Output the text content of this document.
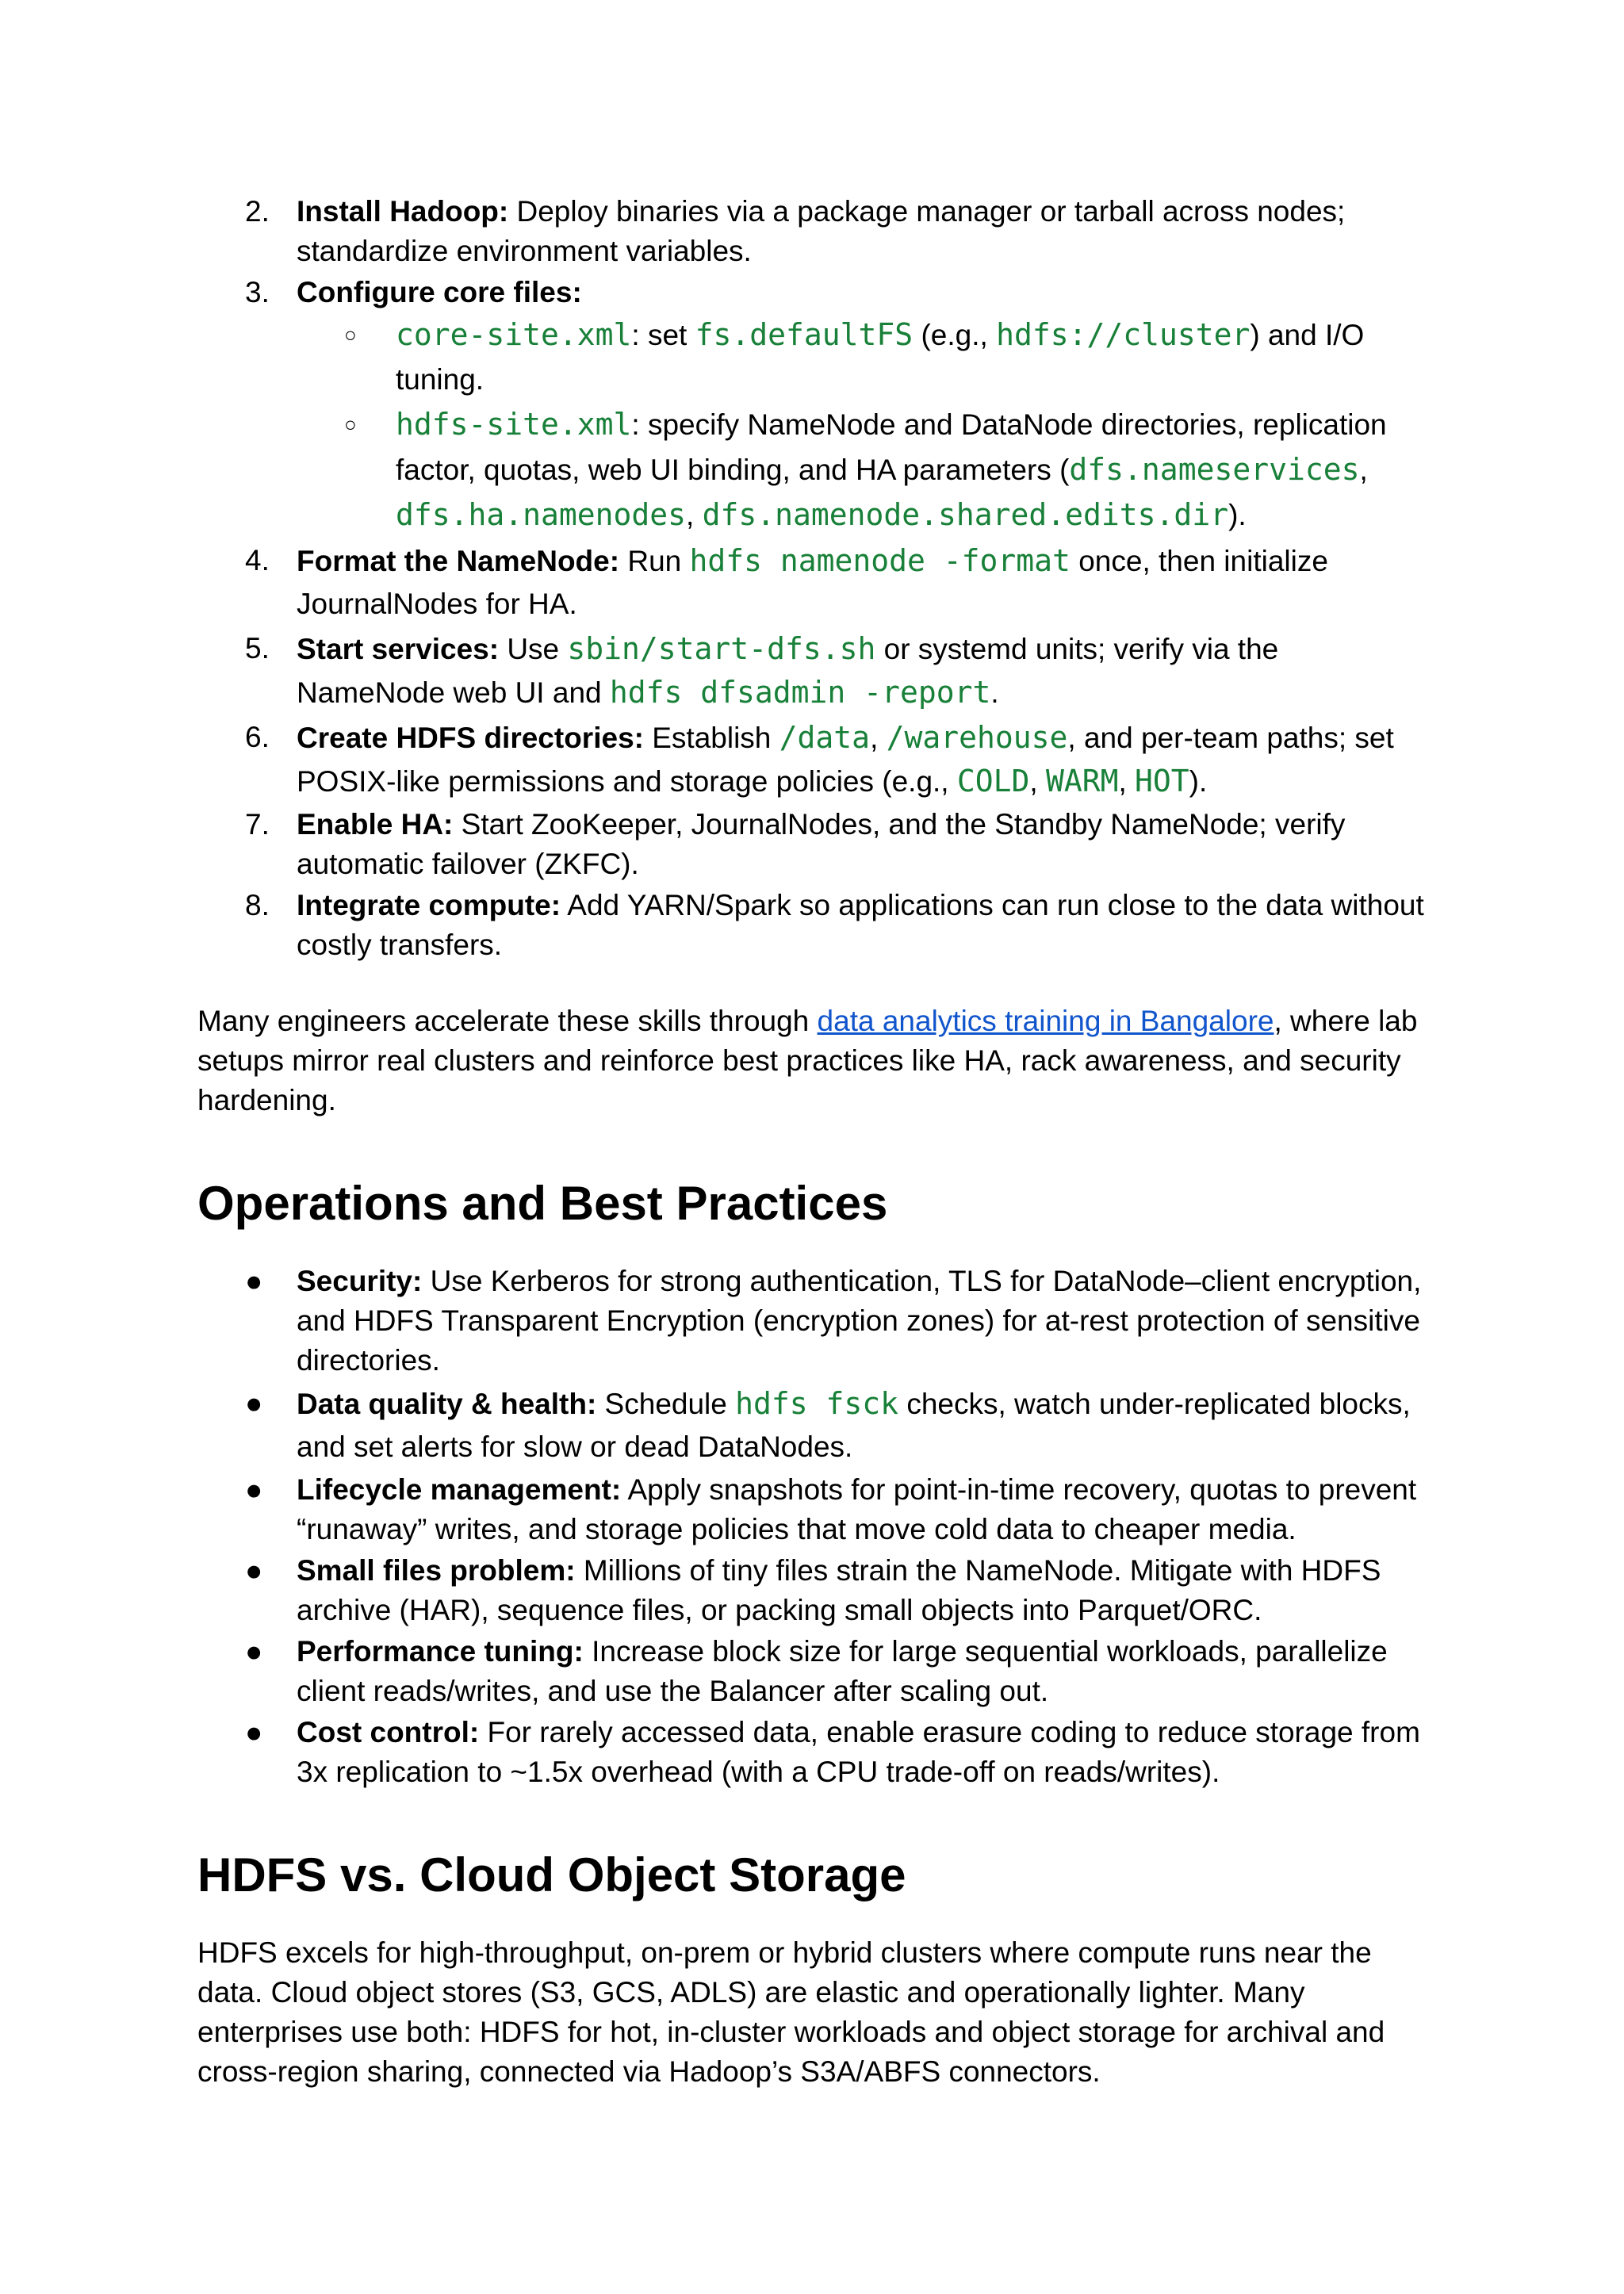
2. Install Hadoop: Deploy binaries via a package manager or tarball across nodes; standardize environment variables.
3. Configure core files:
○ core-site.xml: set fs.defaultFS (e.g., hdfs://cluster) and I/O tuning.
○ hdfs-site.xml: specify NameNode and DataNode directories, replication factor, quotas, web UI binding, and HA parameters (dfs.nameservices, dfs.ha.namenodes, dfs.namenode.shared.edits.dir).
4. Format the NameNode: Run hdfs namenode -format once, then initialize JournalNodes for HA.
5. Start services: Use sbin/start-dfs.sh or systemd units; verify via the NameNode web UI and hdfs dfsadmin -report.
6. Create HDFS directories: Establish /data, /warehouse, and per-team paths; set POSIX-like permissions and storage policies (e.g., COLD, WARM, HOT).
7. Enable HA: Start ZooKeeper, JournalNodes, and the Standby NameNode; verify automatic failover (ZKFC).
8. Integrate compute: Add YARN/Spark so applications can run close to the data without costly transfers.

Many engineers accelerate these skills through data analytics training in Bangalore, where lab setups mirror real clusters and reinforce best practices like HA, rack awareness, and security hardening.

Operations and Best Practices
● Security: Use Kerberos for strong authentication, TLS for DataNode–client encryption, and HDFS Transparent Encryption (encryption zones) for at-rest protection of sensitive directories.
● Data quality & health: Schedule hdfs fsck checks, watch under-replicated blocks, and set alerts for slow or dead DataNodes.
● Lifecycle management: Apply snapshots for point-in-time recovery, quotas to prevent “runaway” writes, and storage policies that move cold data to cheaper media.
● Small files problem: Millions of tiny files strain the NameNode. Mitigate with HDFS archive (HAR), sequence files, or packing small objects into Parquet/ORC.
● Performance tuning: Increase block size for large sequential workloads, parallelize client reads/writes, and use the Balancer after scaling out.
● Cost control: For rarely accessed data, enable erasure coding to reduce storage from 3x replication to ~1.5x overhead (with a CPU trade-off on reads/writes).
HDFS vs. Cloud Object Storage

HDFS excels for high-throughput, on-prem or hybrid clusters where compute runs near the data. Cloud object stores (S3, GCS, ADLS) are elastic and operationally lighter. Many enterprises use both: HDFS for hot, in-cluster workloads and object storage for archival and cross-region sharing, connected via Hadoop’s S3A/ABFS connectors.
